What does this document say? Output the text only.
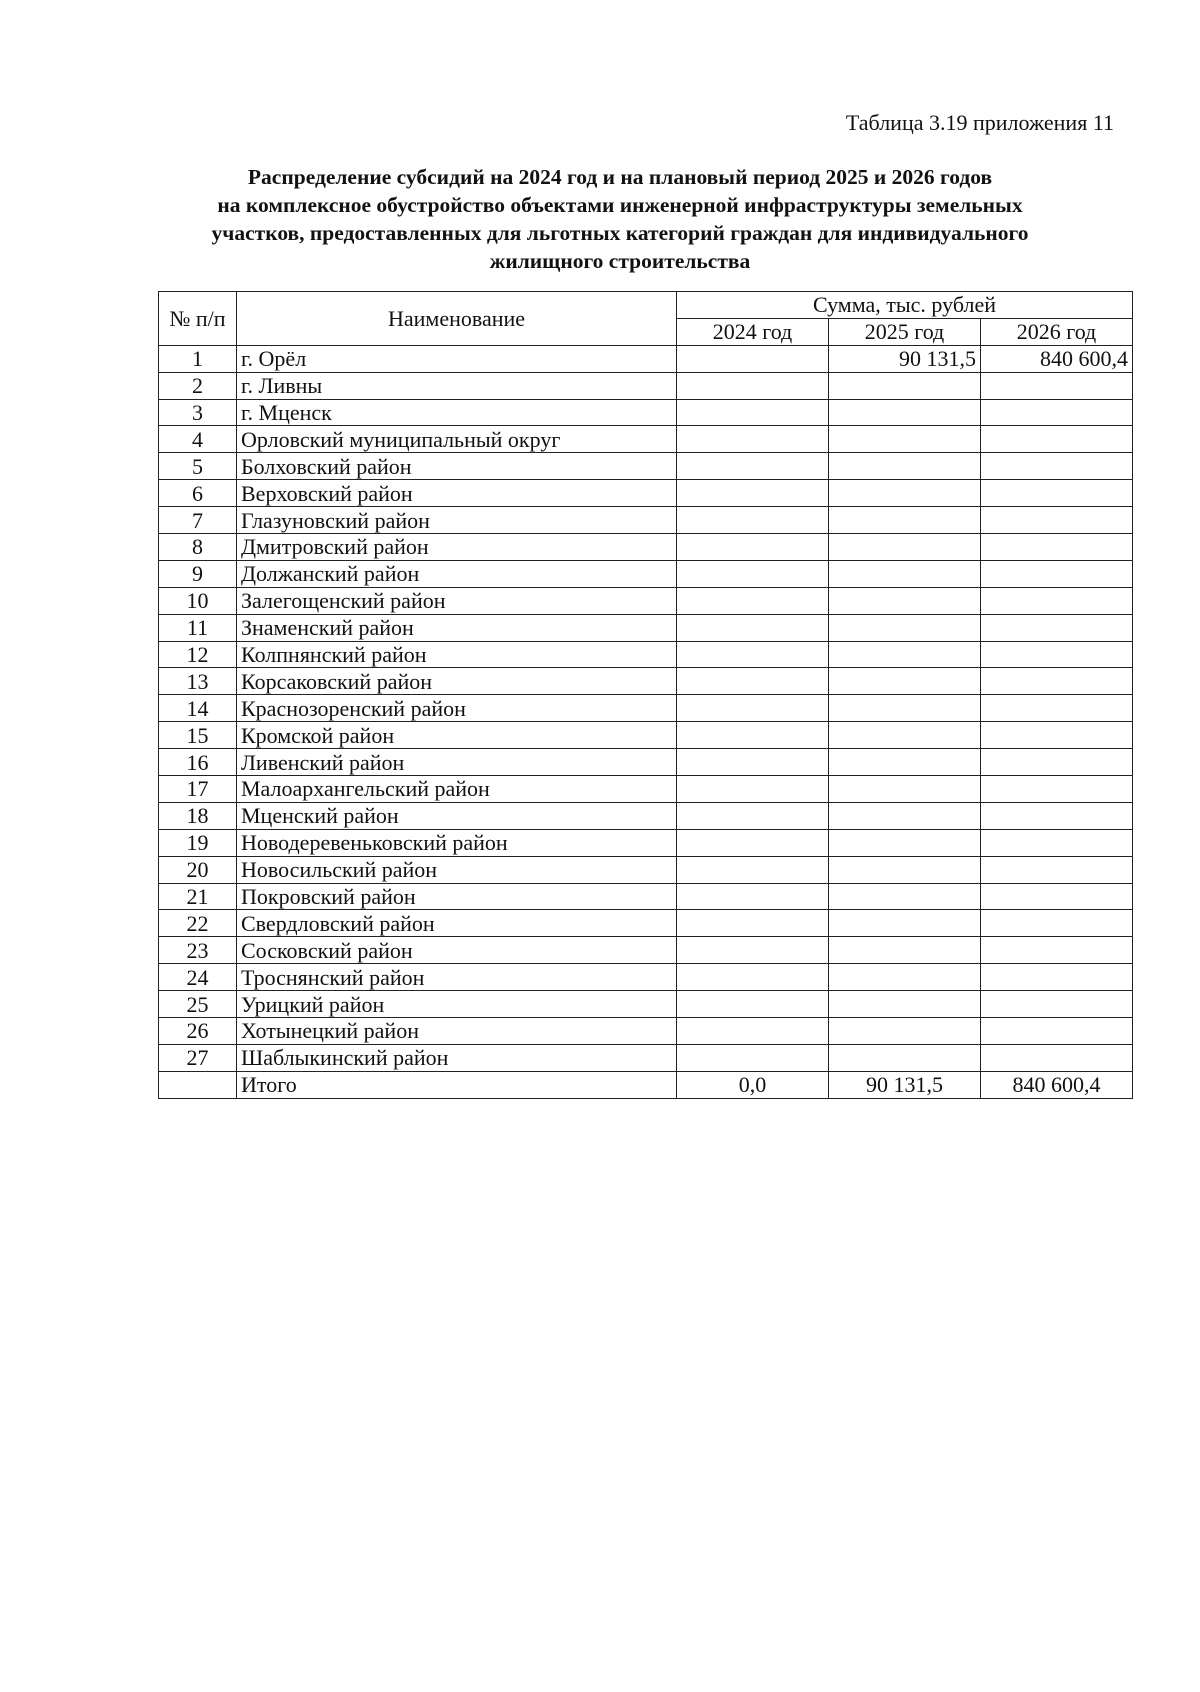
Таблица 3.19 приложения 11
Распределение субсидий на 2024 год и на плановый период 2025 и 2026 годов
на комплексное обустройство объектами инженерной инфраструктуры земельных
участков, предоставленных для льготных категорий граждан для индивидуального
жилищного строительства
№ п/п	Наименование	Сумма, тыс. рублей		
		2024 год	2025 год	2026 год
1	г. Орёл		90 131,5	840 600,4
2	г. Ливны			
3	г. Мценск			
4	Орловский муниципальный округ			
5	Болховский район			
6	Верховский район			
7	Глазуновский район			
8	Дмитровский район			
9	Должанский район			
10	Залегощенский район			
11	Знаменский район			
12	Колпнянский район			
13	Корсаковский район			
14	Краснозоренский район			
15	Кромской район			
16	Ливенский район			
17	Малоархангельский район			
18	Мценский район			
19	Новодеревеньковский район			
20	Новосильский район			
21	Покровский район			
22	Свердловский район			
23	Сосковский район			
24	Троснянский район			
25	Урицкий район			
26	Хотынецкий район			
27	Шаблыкинский район			
	Итого	0,0	90 131,5	840 600,4
